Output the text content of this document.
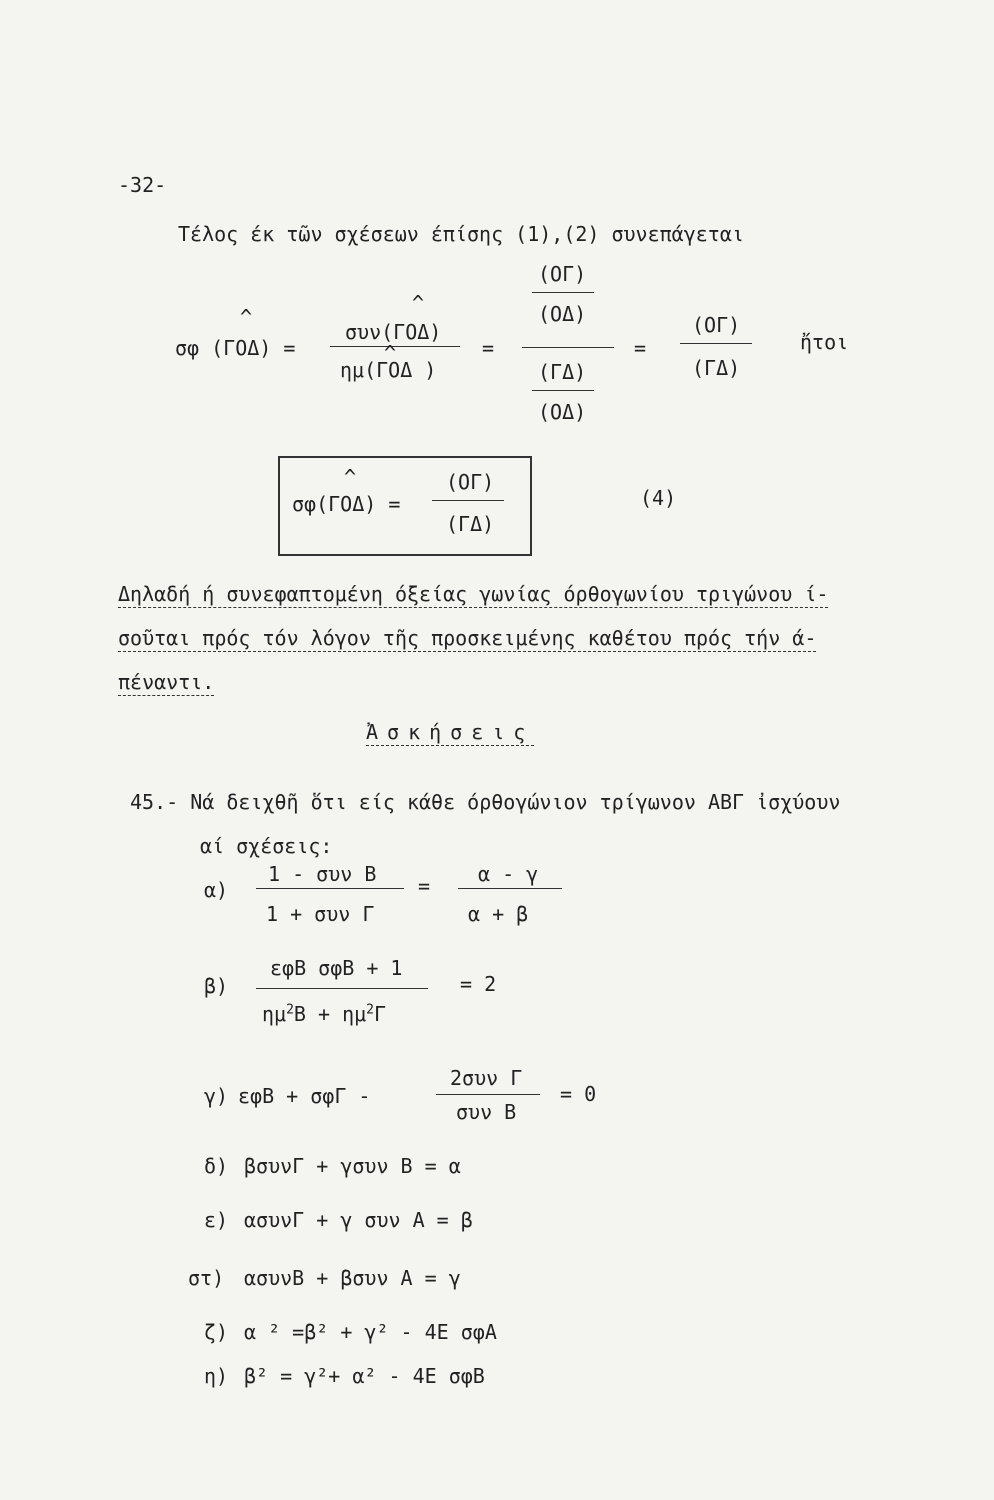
-32-
Τέλος έκ τῶν σχέσεων έπίσης (1),(2) συνεπάγεται
σφ (ΓΟΔ) =
^
συν(ΓΟΔ)
^
ημ(ΓΟΔ )
^	=
(ΟΓ)
(ΟΔ)
(ΓΔ)
(ΟΔ)
=
(ΟΓ)
(ΓΔ)
ἤτοι
σφ(ΓΟΔ) =
^	(ΟΓ)
(ΓΔ)
(4)
Δηλαδή ή συνεφαπτομένη όξείας γωνίας όρθογωνίου τριγώνου ί-
σοῦται πρός τόν λόγον τῆς προσκειμένης καθέτου πρός τήν ά-
πέναντι.
Ἀσκήσεις
45.- Νά δειχθῆ ὅτι είς κάθε όρθογώνιον τρίγωνον ΑΒΓ ἰσχύουν
αί σχέσεις:
α)
1 - συν Β
1 + συν Γ
= α - γ
α + β
β)
εφΒ σφΒ + 1
$\eta\mu^2B + \eta\mu^2\Gamma$
= 2
γ) εφΒ + σφΓ -
2συν Γ
συν Β
= 0
δ) βσυνΓ + γσυν Β = α
ε) ασυνΓ + γ συν Α = β
στ) ασυνΒ + βσυν Α = γ
ζ) α ² =β² + γ² - 4Ε σφΑ
η) β² = γ²+ α² - 4Ε σφΒ
